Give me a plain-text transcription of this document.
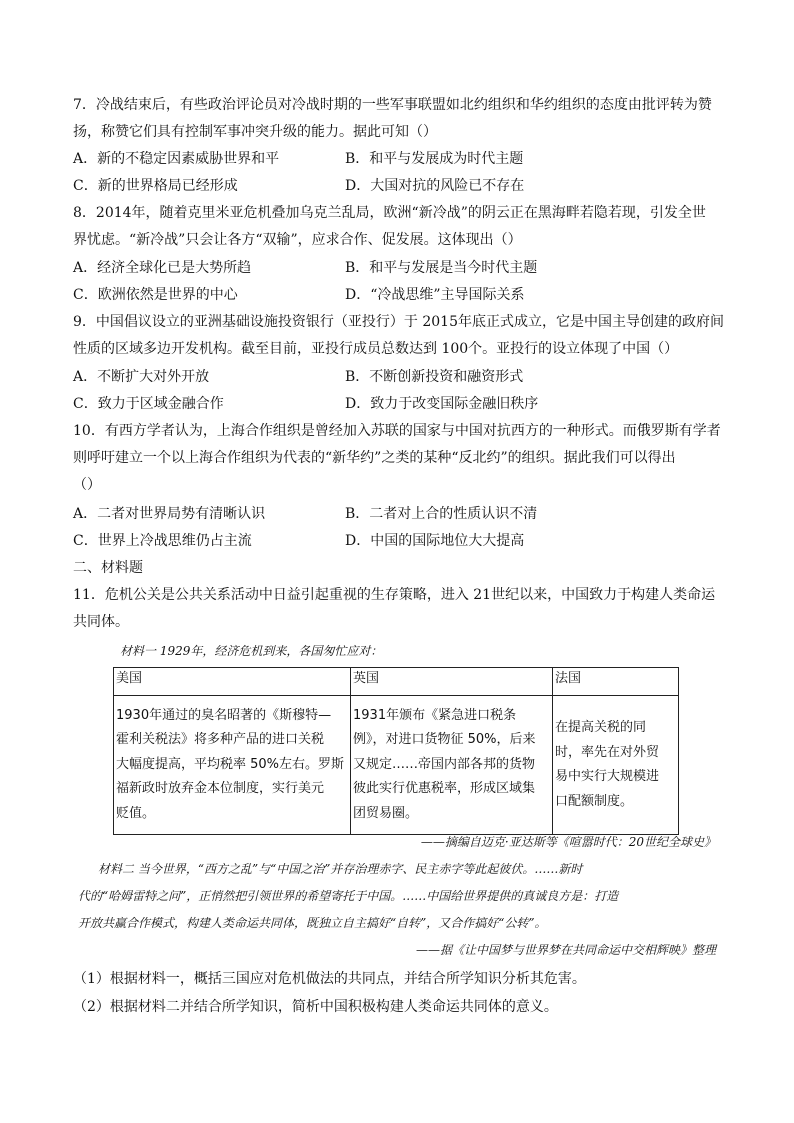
7．冷战结束后，有些政治评论员对冷战时期的一些军事联盟如北约组织和华约组织的态度由批评转为赞
扬，称赞它们具有控制军事冲突升级的能力。据此可知（）
A．新的不稳定因素威胁世界和平	B．和平与发展成为时代主题
C．新的世界格局已经形成	D．大国对抗的风险已不存在
8．2014年，随着克里米亚危机叠加乌克兰乱局，欧洲“新冷战”的阴云正在黑海畔若隐若现，引发全世
界忧虑。“新冷战”只会让各方“双输”，应求合作、促发展。这体现出（）
A．经济全球化已是大势所趋	B．和平与发展是当今时代主题
C．欧洲依然是世界的中心	D．“冷战思维”主导国际关系
9．中国倡议设立的亚洲基础设施投资银行（亚投行）于 2015年底正式成立，它是中国主导创建的政府间
性质的区域多边开发机构。截至目前，亚投行成员总数达到 100个。亚投行的设立体现了中国（）
A．不断扩大对外开放	B．不断创新投资和融资形式
C．致力于区域金融合作	D．致力于改变国际金融旧秩序
10．有西方学者认为，上海合作组织是曾经加入苏联的国家与中国对抗西方的一种形式。而俄罗斯有学者
则呼吁建立一个以上海合作组织为代表的“新华约”之类的某种“反北约”的组织。据此我们可以得出
（）
A．二者对世界局势有清晰认识	B．二者对上合的性质认识不清
C．世界上冷战思维仍占主流	D．中国的国际地位大大提高
二、材料题
11．危机公关是公共关系活动中日益引起重视的生存策略，进入 21世纪以来，中国致力于构建人类命运
共同体。
材料一 1929年，经济危机到来，各国匆忙应对：
美国	英国	法国

1930年通过的臭名昭著的《斯穆特—
霍利关税法》将多种产品的进口关税
大幅度提高，平均税率 50%左右。罗斯
福新政时放弃金本位制度，实行美元
贬值。	1931年颁布《紧急进口税条
例》，对进口货物征 50%，后来
又规定……帝国内部各邦的货物
彼此实行优惠税率，形成区域集
团贸易圈。	在提高关税的同
时，率先在对外贸
易中实行大规模进
口配额制度。
——摘编自迈克·亚达斯等《喧嚣时代：20世纪全球史》
材料二 当今世界，“西方之乱”与“中国之治”并存治理赤字、民主赤字等此起彼伏。……新时
代的“哈姆雷特之问”，正悄然把引领世界的希望寄托于中国。……中国给世界提供的真诚良方是：打造
开放共赢合作模式，构建人类命运共同体，既独立自主搞好“自转”，又合作搞好“公转”。
——据《让中国梦与世界梦在共同命运中交相辉映》整理
（1）根据材料一，概括三国应对危机做法的共同点，并结合所学知识分析其危害。
（2）根据材料二并结合所学知识，简析中国积极构建人类命运共同体的意义。
